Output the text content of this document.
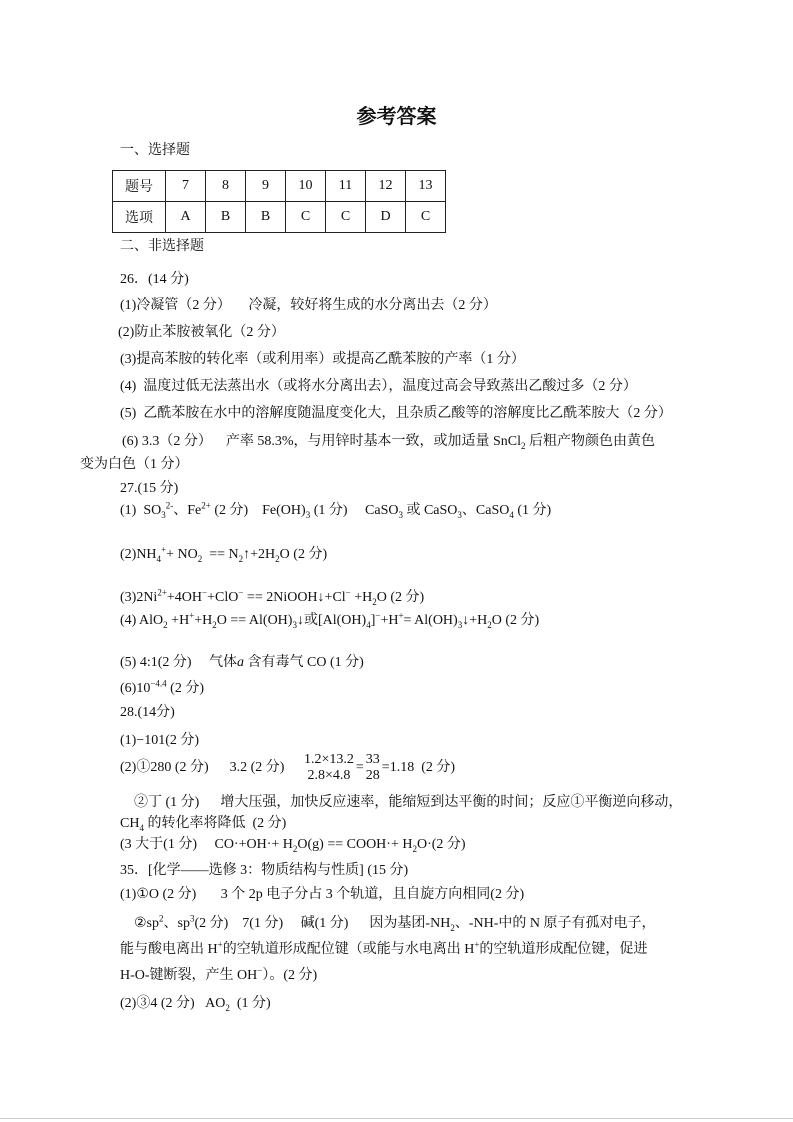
参考答案
一、选择题
题号	7	8	9	10	11	12	13
选项	A	B	B	C	C	D	C
二、非选择题
26．(14 分)
(1)冷凝管（2 分）     冷凝，较好将生成的水分离出去（2 分）
(2)防止苯胺被氧化（2 分）
(3)提高苯胺的转化率（或利用率）或提高乙酰苯胺的产率（1 分）
(4)  温度过低无法蒸出水（或将水分离出去），温度过高会导致蒸出乙酸过多（2 分）
(5)  乙酰苯胺在水中的溶解度随温度变化大，且杂质乙酸等的溶解度比乙酰苯胺大（2 分）
(6) 3.3（2 分）    产率 58.3%，与用锌时基本一致，或加适量 SnCl$_2$ 后粗产物颜色由黄色
变为白色（1 分）
27.(15 分)
(1)  $SO_3^{2-}$、$Fe^{2+}$ (2 分)    $Fe(OH)_3$ (1 分)     CaSO$_3$ 或 CaSO$_3$、CaSO$_4$ (1 分)
$(2)NH_4^++ NO_2$  == $N_2↑+2H_2O$ (2 分)
$(3)2Ni^{2+}+4OH^-+ClO^-$ == 2NiOOH↓+Cl− $+H_2O$ (2 分)
(4) $AlO_2 +H^++H_2O$ == $Al(OH)_3↓$或$[Al(OH)_4]^-+H^+=$ $Al(OH)_3↓+H_2O$ (2 分)
(5) 4:1(2 分)     气体a 含有毒气 CO (1 分)
$(6)10^{-4.4}$ (2 分)
28.(14分)
(1)−101(2 分)
(2)①280 (2 分)      3.2 (2 分)
1.2×13.2
2.8×4.8
=
33
28
=1.18  (2 分)
②丁 (1 分)      增大压强，加快反应速率，能缩短到达平衡的时间；反应①平衡逆向移动，
$CH_4$ 的转化率将降低  (2 分)
(3 大于(1 分)     $CO\cdot+OH\cdot+ H_2O(g)$ == COOH·+ $H_2O\cdot(2$ 分)
35．[化学——选修 3：物质结构与性质] (15 分)
(1)①O (2 分)       3 个 2p 电子分占 3 个轨道，且自旋方向相同(2 分)
$②sp^2$、$sp^3(2$ 分)    7(1 分)     碱(1 分)      因为基团$-NH_2$、-NH-中的 N 原子有孤对电子，
能与酸电离出 H+的空轨道形成配位键（或能与水电离出 H+的空轨道形成配位键，促进
H-O-键断裂，产生 OH−）。(2 分)
(2)③4 (2 分)   $AO_2$  (1 分)
